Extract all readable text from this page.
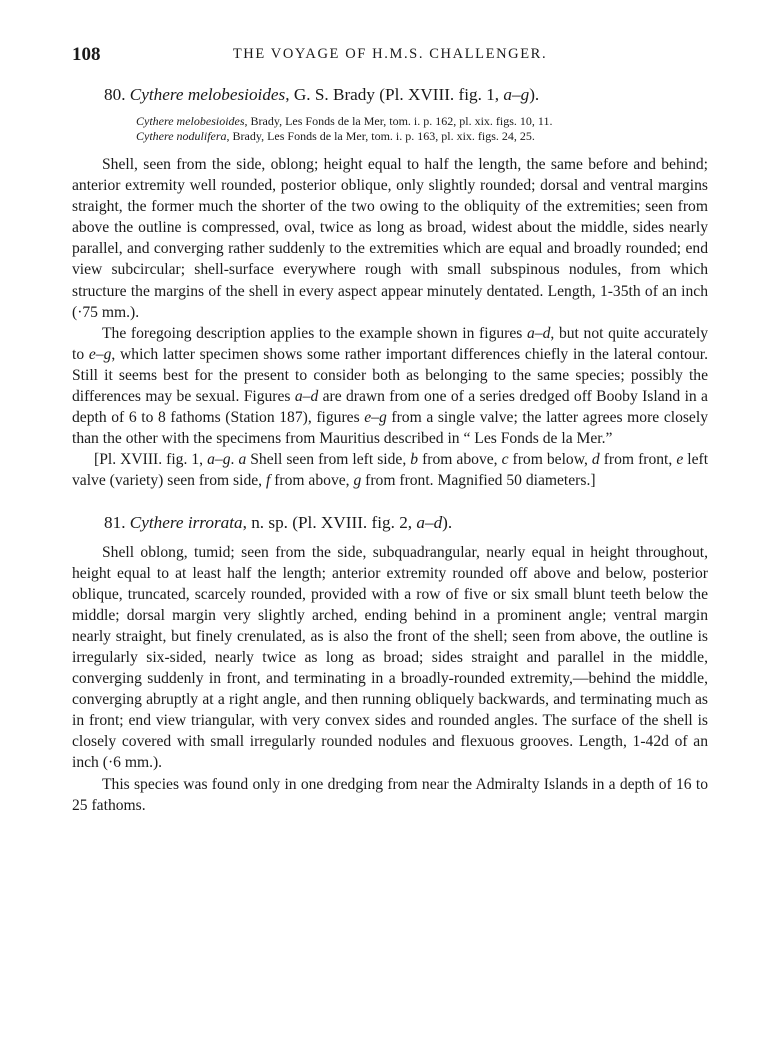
108	THE VOYAGE OF H.M.S. CHALLENGER.
80. Cythere melobesioides, G. S. Brady (Pl. XVIII. fig. 1, a–g).
Cythere melobesioides, Brady, Les Fonds de la Mer, tom. i. p. 162, pl. xix. figs. 10, 11.
Cythere nodulifera, Brady, Les Fonds de la Mer, tom. i. p. 163, pl. xix. figs. 24, 25.

Shell, seen from the side, oblong; height equal to half the length, the same before and behind; anterior extremity well rounded, posterior oblique, only slightly rounded; dorsal and ventral margins straight, the former much the shorter of the two owing to the obliquity of the extremities; seen from above the outline is compressed, oval, twice as long as broad, widest about the middle, sides nearly parallel, and converging rather suddenly to the extremities which are equal and broadly rounded; end view subcircular; shell-surface everywhere rough with small subspinous nodules, from which structure the margins of the shell in every aspect appear minutely dentated. Length, 1-35th of an inch (·75 mm.).

The foregoing description applies to the example shown in figures a–d, but not quite accurately to e–g, which latter specimen shows some rather important differences chiefly in the lateral contour. Still it seems best for the present to consider both as belonging to the same species; possibly the differences may be sexual. Figures a–d are drawn from one of a series dredged off Booby Island in a depth of 6 to 8 fathoms (Station 187), figures e–g from a single valve; the latter agrees more closely than the other with the specimens from Mauritius described in “ Les Fonds de la Mer.”

[Pl. XVIII. fig. 1, a–g. a Shell seen from left side, b from above, c from below, d from front, e left valve (variety) seen from side, f from above, g from front. Magnified 50 diameters.]

81. Cythere irrorata, n. sp. (Pl. XVIII. fig. 2, a–d).

Shell oblong, tumid; seen from the side, subquadrangular, nearly equal in height throughout, height equal to at least half the length; anterior extremity rounded off above and below, posterior oblique, truncated, scarcely rounded, provided with a row of five or six small blunt teeth below the middle; dorsal margin very slightly arched, ending behind in a prominent angle; ventral margin nearly straight, but finely crenulated, as is also the front of the shell; seen from above, the outline is irregularly six-sided, nearly twice as long as broad; sides straight and parallel in the middle, converging suddenly in front, and terminating in a broadly-rounded extremity,—behind the middle, converging abruptly at a right angle, and then running obliquely backwards, and terminating much as in front; end view triangular, with very convex sides and rounded angles. The surface of the shell is closely covered with small irregularly rounded nodules and flexuous grooves. Length, 1-42d of an inch (·6 mm.).

This species was found only in one dredging from near the Admiralty Islands in a depth of 16 to 25 fathoms.
